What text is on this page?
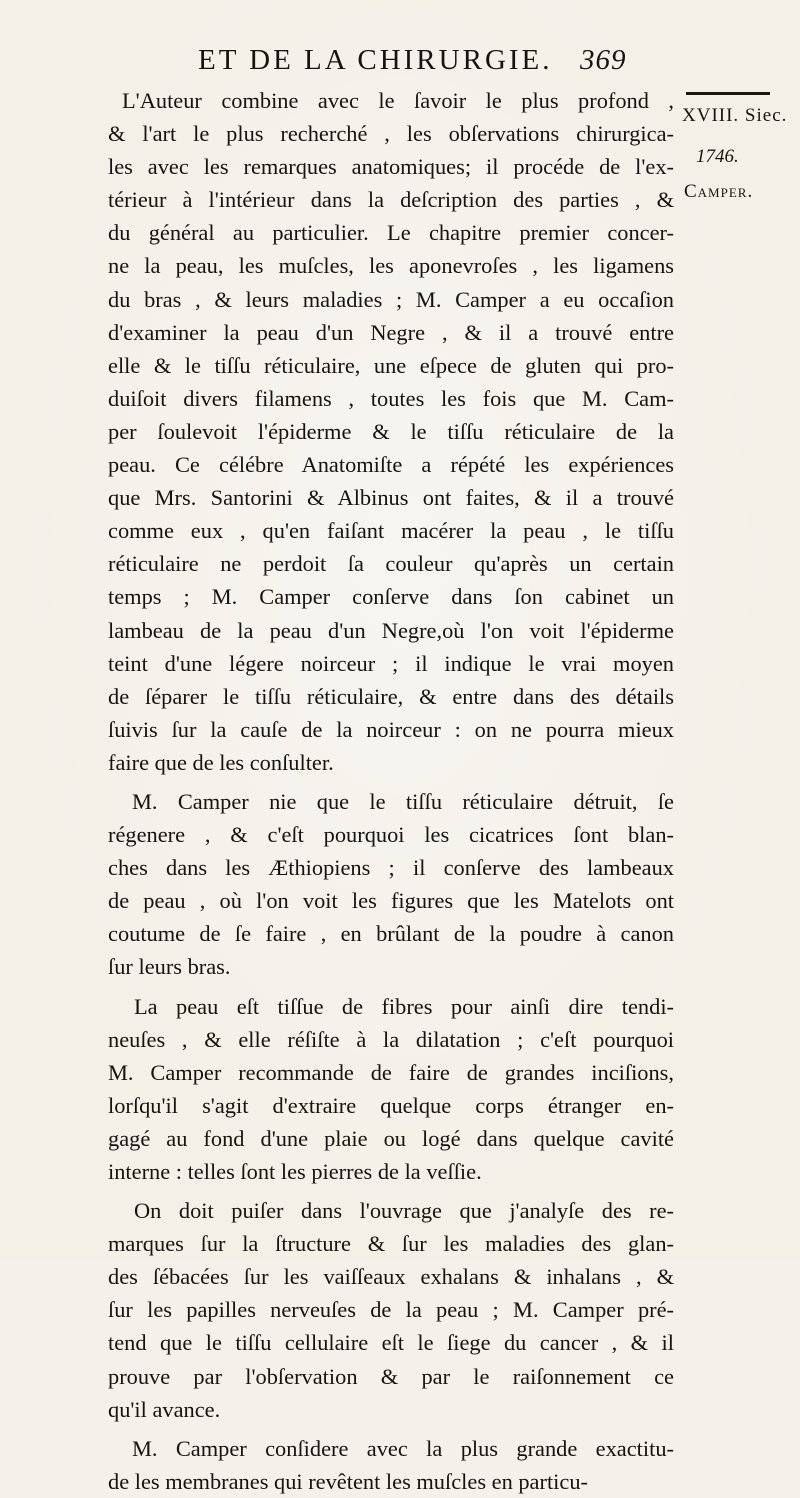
ET DE LA CHIRURGIE. 369
XVIII. Siec.
1746.
Camper.
L'Auteur combine avec le ſavoir le plus profond ,
& l'art le plus recherché , les obſervations chirurgica-
les avec les remarques anatomiques; il procéde de l'ex-
térieur à l'intérieur dans la deſcription des parties , &
du général au particulier. Le chapitre premier concer-
ne la peau, les muſcles, les aponevroſes , les ligamens
du bras , & leurs maladies ; M. Camper a eu occaſion
d'examiner la peau d'un Negre , & il a trouvé entre
elle & le tiſſu réticulaire, une eſpece de gluten qui pro-
duiſoit divers filamens , toutes les fois que M. Cam-
per ſoulevoit l'épiderme & le tiſſu réticulaire de la
peau. Ce célébre Anatomiſte a répété les expériences
que Mrs. Santorini & Albinus ont faites, & il a trouvé
comme eux , qu'en faiſant macérer la peau , le tiſſu
réticulaire ne perdoit ſa couleur qu'après un certain
temps ; M. Camper conſerve dans ſon cabinet un
lambeau de la peau d'un Negre,où l'on voit l'épiderme
teint d'une légere noirceur ; il indique le vrai moyen
de ſéparer le tiſſu réticulaire, & entre dans des détails
ſuivis ſur la cauſe de la noirceur : on ne pourra mieux
faire que de les conſulter.
M. Camper nie que le tiſſu réticulaire détruit, ſe
régenere , & c'eſt pourquoi les cicatrices ſont blan-
ches dans les Æthiopiens ; il conſerve des lambeaux
de peau , où l'on voit les figures que les Matelots ont
coutume de ſe faire , en brûlant de la poudre à canon
ſur leurs bras.
La peau eſt tiſſue de fibres pour ainſi dire tendi-
neuſes , & elle réſiſte à la dilatation ; c'eſt pourquoi
M. Camper recommande de faire de grandes inciſions,
lorſqu'il s'agit d'extraire quelque corps étranger en-
gagé au fond d'une plaie ou logé dans quelque cavité
interne : telles ſont les pierres de la veſſie.
On doit puiſer dans l'ouvrage que j'analyſe des re-
marques ſur la ſtructure & ſur les maladies des glan-
des ſébacées ſur les vaiſſeaux exhalans & inhalans , &
ſur les papilles nerveuſes de la peau ; M. Camper pré-
tend que le tiſſu cellulaire eſt le ſiege du cancer , & il
prouve par l'obſervation & par le raiſonnement ce
qu'il avance.
M. Camper conſidere avec la plus grande exactitu-
de les membranes qui revêtent les muſcles en particu-
